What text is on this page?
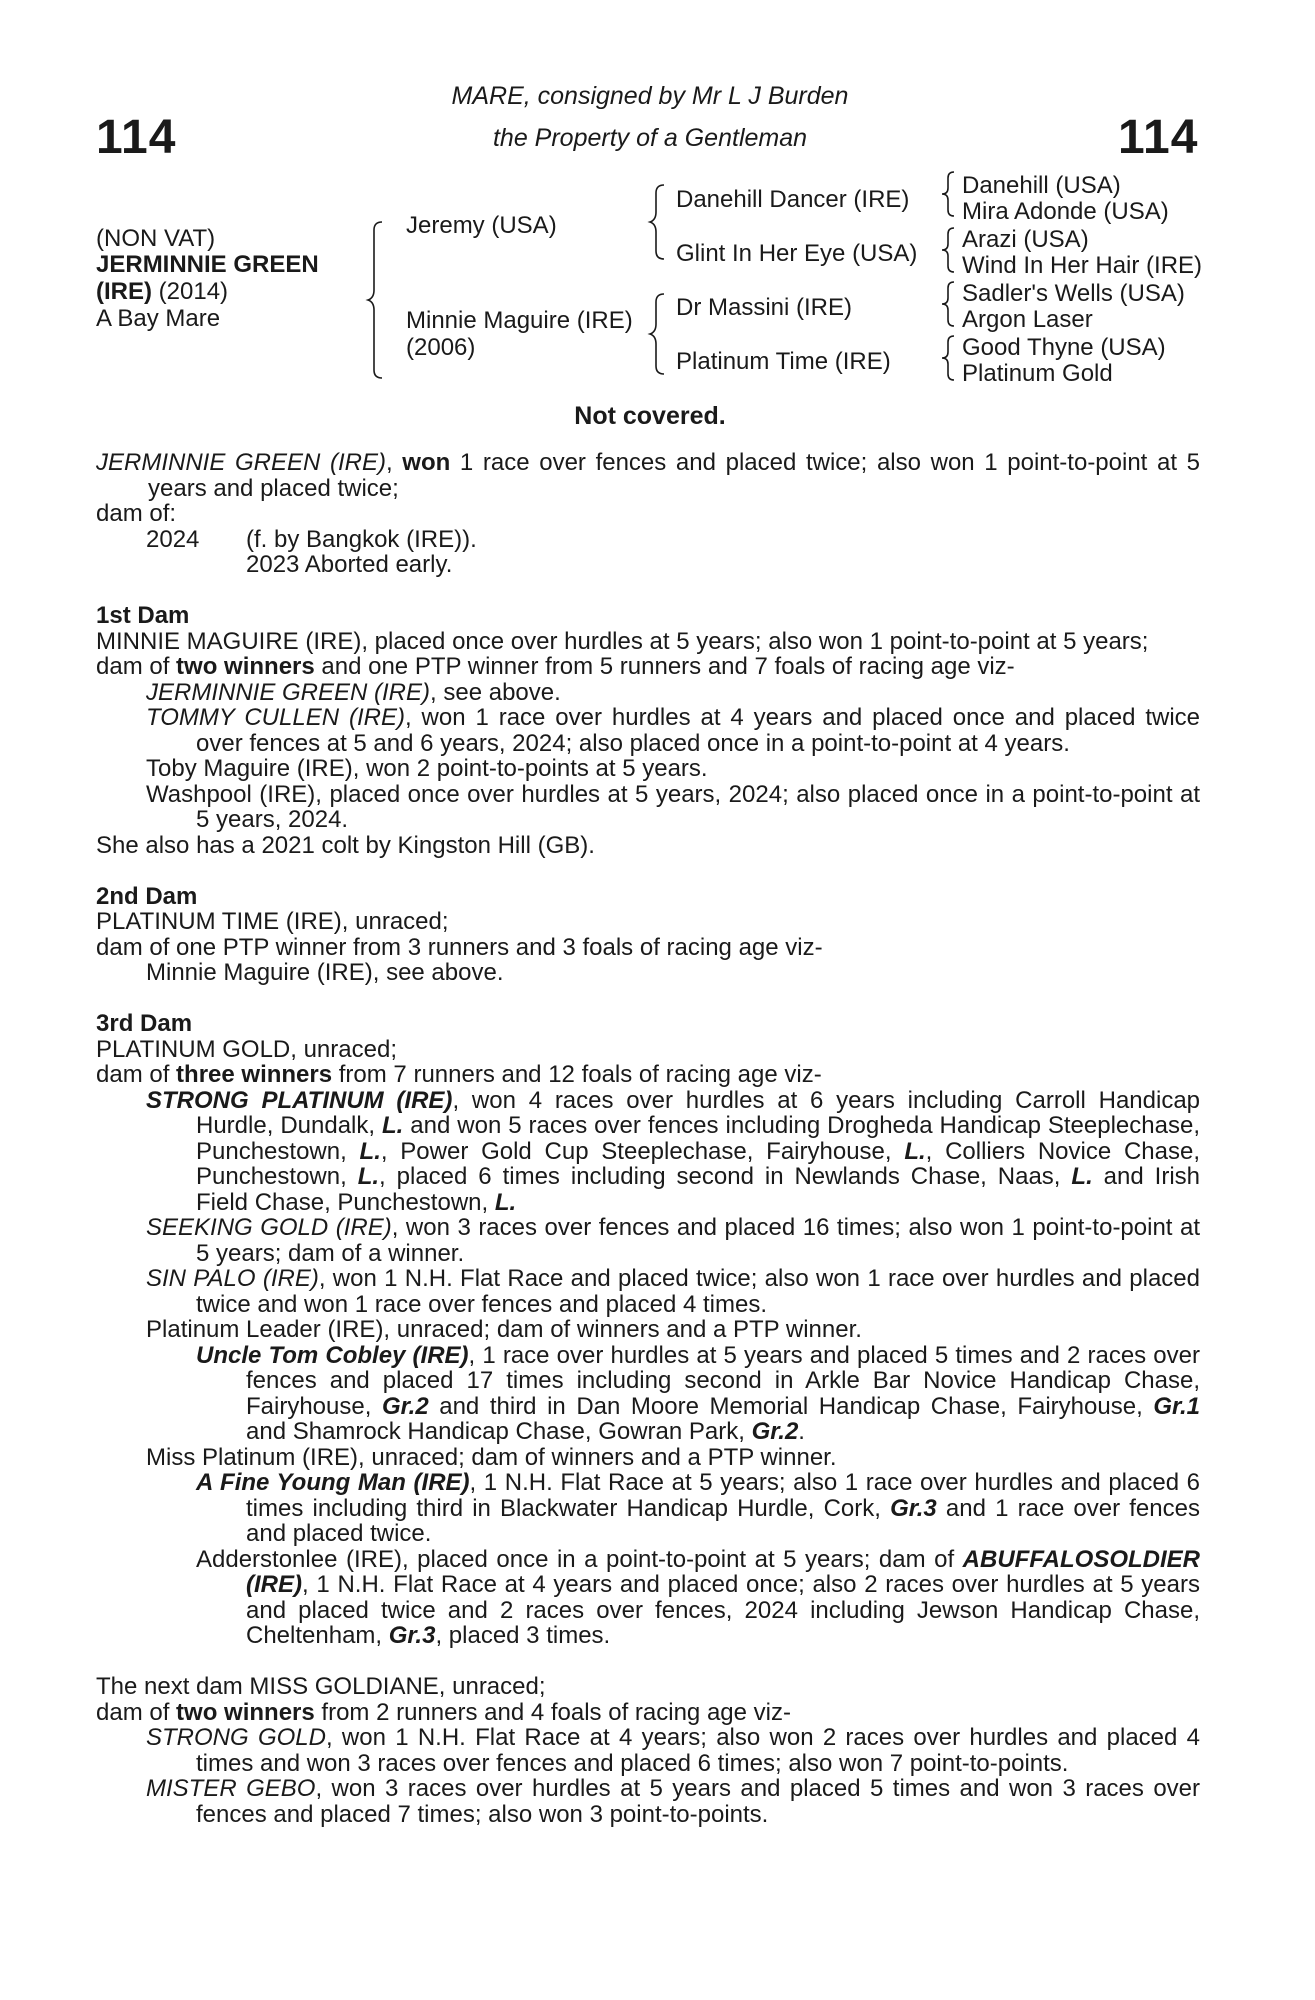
114	114
MARE, consigned by Mr L J Burden
the Property of a Gentleman
(NON VAT)
JERMINNIE GREEN
(IRE) (2014)
A Bay Mare
Jeremy (USA)
Minnie Maguire (IRE)
(2006)
Danehill Dancer (IRE)
Glint In Her Eye (USA)
Dr Massini (IRE)
Platinum Time (IRE)
Danehill (USA)
Mira Adonde (USA)
Arazi (USA)
Wind In Her Hair (IRE)
Sadler's Wells (USA)
Argon Laser
Good Thyne (USA)
Platinum Gold
Not covered.

JERMINNIE GREEN (IRE), won 1 race over fences and placed twice; also won 1 point-to-point at 5 years and placed twice;

dam of:

2024 (f. by Bangkok (IRE)).

2023 Aborted early.

1st Dam

MINNIE MAGUIRE (IRE), placed once over hurdles at 5 years; also won 1 point-to-point at 5 years;

dam of two winners and one PTP winner from 5 runners and 7 foals of racing age viz-

JERMINNIE GREEN (IRE), see above.

TOMMY CULLEN (IRE), won 1 race over hurdles at 4 years and placed once and placed twice over fences at 5 and 6 years, 2024; also placed once in a point-to-point at 4 years.

Toby Maguire (IRE), won 2 point-to-points at 5 years.

Washpool (IRE), placed once over hurdles at 5 years, 2024; also placed once in a point-to-point at 5 years, 2024.

She also has a 2021 colt by Kingston Hill (GB).

2nd Dam

PLATINUM TIME (IRE), unraced;

dam of one PTP winner from 3 runners and 3 foals of racing age viz-

Minnie Maguire (IRE), see above.

3rd Dam

PLATINUM GOLD, unraced;

dam of three winners from 7 runners and 12 foals of racing age viz-

STRONG PLATINUM (IRE), won 4 races over hurdles at 6 years including Carroll Handicap Hurdle, Dundalk, L. and won 5 races over fences including Drogheda Handicap Steeplechase, Punchestown, L., Power Gold Cup Steeplechase, Fairyhouse, L., Colliers Novice Chase, Punchestown, L., placed 6 times including second in Newlands Chase, Naas, L. and Irish Field Chase, Punchestown, L.

SEEKING GOLD (IRE), won 3 races over fences and placed 16 times; also won 1 point-to-point at 5 years; dam of a winner.

SIN PALO (IRE), won 1 N.H. Flat Race and placed twice; also won 1 race over hurdles and placed twice and won 1 race over fences and placed 4 times.

Platinum Leader (IRE), unraced; dam of winners and a PTP winner.

Uncle Tom Cobley (IRE), 1 race over hurdles at 5 years and placed 5 times and 2 races over fences and placed 17 times including second in Arkle Bar Novice Handicap Chase, Fairyhouse, Gr.2 and third in Dan Moore Memorial Handicap Chase, Fairyhouse, Gr.1 and Shamrock Handicap Chase, Gowran Park, Gr.2.

Miss Platinum (IRE), unraced; dam of winners and a PTP winner.

A Fine Young Man (IRE), 1 N.H. Flat Race at 5 years; also 1 race over hurdles and placed 6 times including third in Blackwater Handicap Hurdle, Cork, Gr.3 and 1 race over fences and placed twice.

Adderstonlee (IRE), placed once in a point-to-point at 5 years; dam of ABUFFALOSOLDIER (IRE), 1 N.H. Flat Race at 4 years and placed once; also 2 races over hurdles at 5 years and placed twice and 2 races over fences, 2024 including Jewson Handicap Chase, Cheltenham, Gr.3, placed 3 times.

The next dam MISS GOLDIANE, unraced;

dam of two winners from 2 runners and 4 foals of racing age viz-

STRONG GOLD, won 1 N.H. Flat Race at 4 years; also won 2 races over hurdles and placed 4 times and won 3 races over fences and placed 6 times; also won 7 point-to-points.

MISTER GEBO, won 3 races over hurdles at 5 years and placed 5 times and won 3 races over fences and placed 7 times; also won 3 point-to-points.
